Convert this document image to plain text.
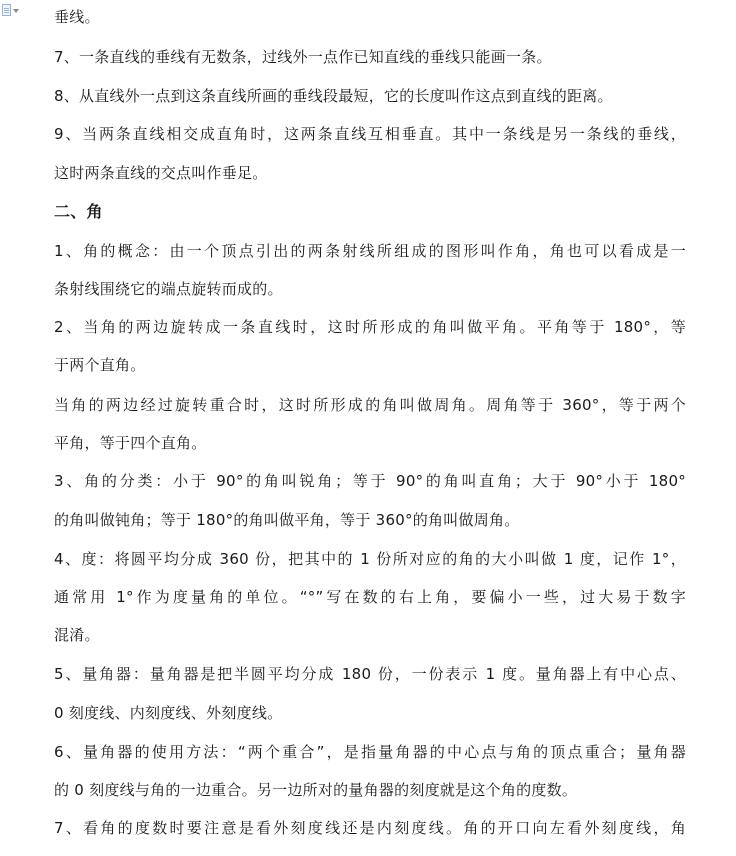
垂线。
7、一条直线的垂线有无数条，过线外一点作已知直线的垂线只能画一条。
8、从直线外一点到这条直线所画的垂线段最短，它的长度叫作这点到直线的距离。
9、当两条直线相交成直角时，这两条直线互相垂直。其中一条线是另一条线的垂线，
这时两条直线的交点叫作垂足。
二、角
1、角的概念：由一个顶点引出的两条射线所组成的图形叫作角，角也可以看成是一
条射线围绕它的端点旋转而成的。
2、当角的两边旋转成一条直线时，这时所形成的角叫做平角。平角等于 180°，等
于两个直角。
当角的两边经过旋转重合时，这时所形成的角叫做周角。周角等于 360°，等于两个
平角，等于四个直角。
3、角的分类：小于 90°的角叫锐角；等于 90°的角叫直角；大于 90°小于 180°
的角叫做钝角；等于 180°的角叫做平角，等于 360°的角叫做周角。
4、度：将圆平均分成 360 份，把其中的 1 份所对应的角的大小叫做 1 度，记作 1°，
通常用 1°作为度量角的单位。“°”写在数的右上角，要偏小一些，过大易于数字
混淆。
5、量角器：量角器是把半圆平均分成 180 份，一份表示 1 度。量角器上有中心点、
0 刻度线、内刻度线、外刻度线。
6、量角器的使用方法：“两个重合”，是指量角器的中心点与角的顶点重合；量角器
的 0 刻度线与角的一边重合。另一边所对的量角器的刻度就是这个角的度数。
7、看角的度数时要注意是看外刻度线还是内刻度线。角的开口向左看外刻度线，角
